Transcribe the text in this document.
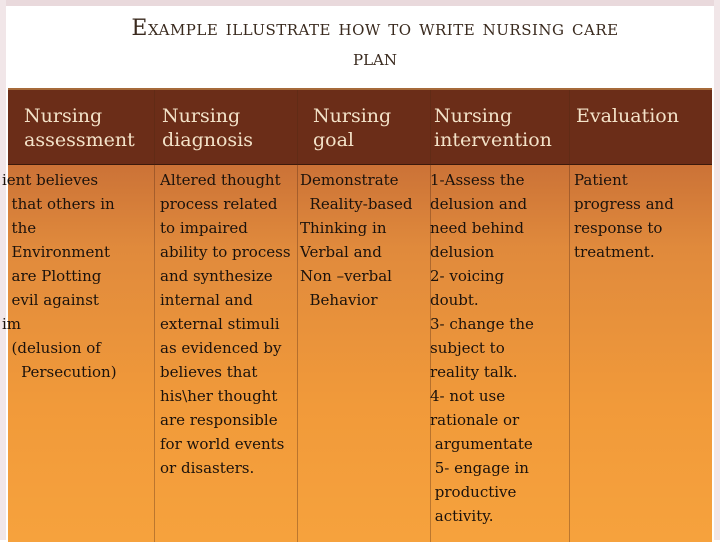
Example illustrate how to write nursing care
plan
Nursing
assessment
Nursing
diagnosis
Nursing
goal
Nursing
intervention
Evaluation
ient believes
that others in
the
Environment
are Plotting
evil against
im
(delusion of
Persecution)
Altered thought
process related
to impaired
ability to process
and synthesize
internal and
external stimuli
as evidenced by
believes that
his\her thought
are responsible
for world events
or disasters.
Demonstrate
Reality-based
Thinking in
Verbal and
Non –verbal
Behavior
1-Assess the
delusion and
need behind
delusion
2- voicing
doubt.
3- change the
subject to
reality talk.
4- not use
rationale or
argumentate
5- engage in
productive
activity.
Patient
progress and
response to
treatment.
